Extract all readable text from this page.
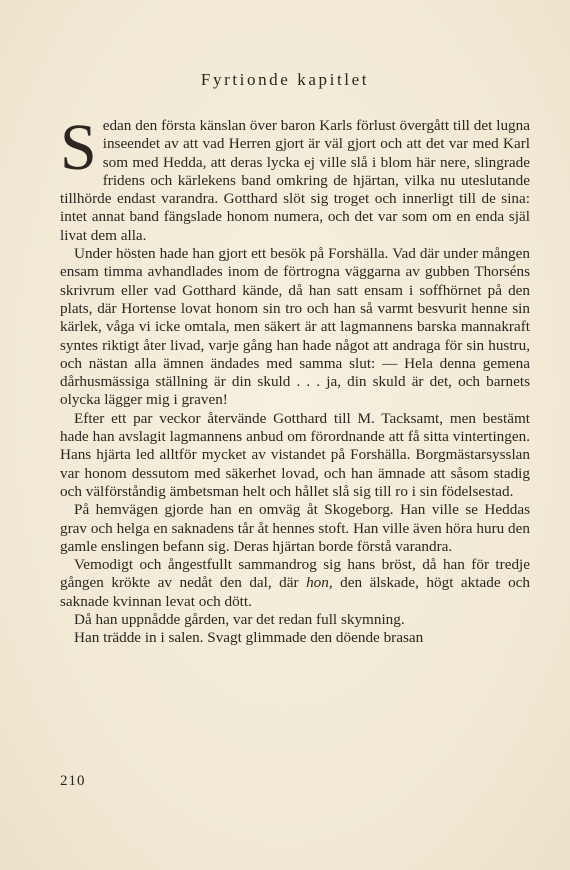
Fyrtionde kapitlet

Sedan den första känslan över baron Karls förlust övergått till det lugna inseendet av att vad Herren gjort är väl gjort och att det var med Karl som med Hedda, att deras lycka ej ville slå i blom här nere, slingrade fridens och kärlekens band omkring de hjärtan, vilka nu uteslutande tillhörde endast varandra. Gotthard slöt sig troget och innerligt till de sina: intet annat band fängslade honom numera, och det var som om en enda själ livat dem alla.

Under hösten hade han gjort ett besök på Forshälla. Vad där under mången ensam timma avhandlades inom de förtrogna väggarna av gubben Thorséns skrivrum eller vad Gotthard kände, då han satt ensam i soffhörnet på den plats, där Hortense lovat honom sin tro och han så varmt besvurit henne sin kärlek, våga vi icke omtala, men säkert är att lagmannens barska mannakraft syntes riktigt åter livad, varje gång han hade något att andraga för sin hustru, och nästan alla ämnen ändades med samma slut: — Hela denna gemena dårhusmässiga ställning är din skuld . . . ja, din skuld är det, och barnets olycka lägger mig i graven!

Efter ett par veckor återvände Gotthard till M. Tacksamt, men bestämt hade han avslagit lagmannens anbud om förordnande att få sitta vintertingen. Hans hjärta led alltför mycket av vistandet på Forshälla. Borgmästarsysslan var honom dessutom med säkerhet lovad, och han ämnade att såsom stadig och välförståndig ämbetsman helt och hållet slå sig till ro i sin födelsestad.

På hemvägen gjorde han en omväg åt Skogeborg. Han ville se Heddas grav och helga en saknadens tår åt hennes stoft. Han ville även höra huru den gamle enslingen befann sig. Deras hjärtan borde förstå varandra.

Vemodigt och ångestfullt sammandrog sig hans bröst, då han för tredje gången krökte av nedåt den dal, där hon, den älskade, högt aktade och saknade kvinnan levat och dött.

Då han uppnådde gården, var det redan full skymning.

Han trädde in i salen. Svagt glimmade den döende brasan

210
